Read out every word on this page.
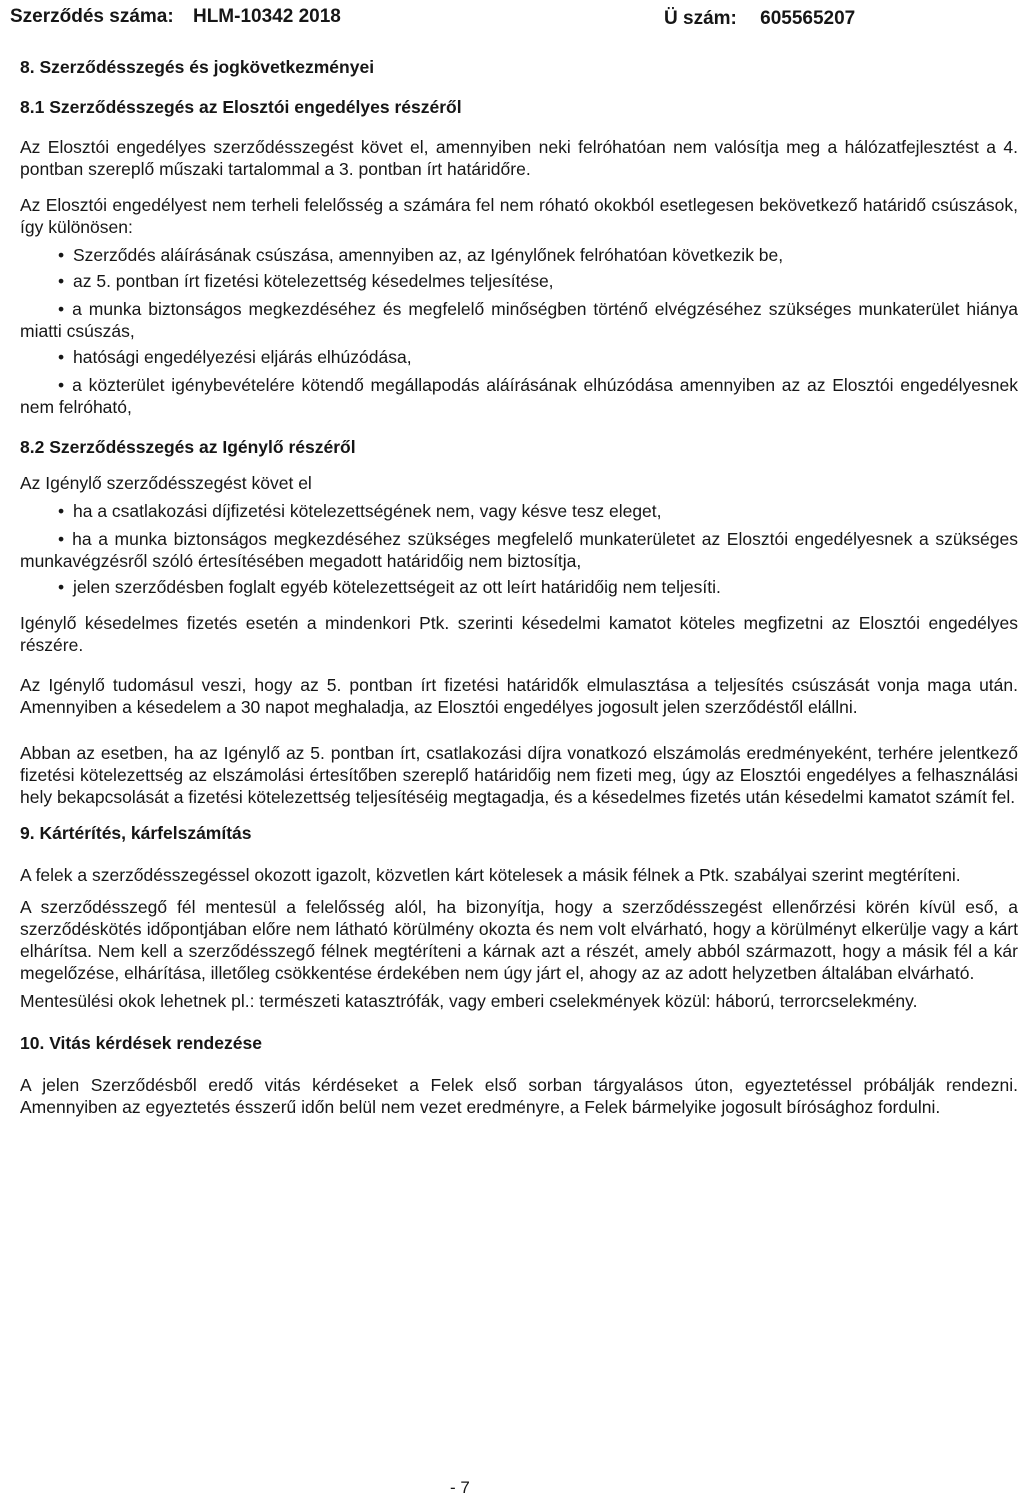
Szerződés száma: HLM-10342 2018	Ü szám: 605565207
8. Szerződésszegés és jogkövetkezményei
8.1 Szerződésszegés az Elosztói engedélyes részéről

Az Elosztói engedélyes szerződésszegést követ el, amennyiben neki felróhatóan nem valósítja meg a hálózatfejlesztést a 4. pontban szereplő műszaki tartalommal a 3. pontban írt határidőre.

Az Elosztói engedélyest nem terheli felelősség a számára fel nem róható okokból esetlegesen bekövetkező határidő csúszások, így különösen:

• Szerződés aláírásának csúszása, amennyiben az, az Igénylőnek felróhatóan következik be,
• az 5. pontban írt fizetési kötelezettség késedelmes teljesítése,
• a munka biztonságos megkezdéséhez és megfelelő minőségben történő elvégzéséhez szükséges munkaterület hiánya miatti csúszás,
• hatósági engedélyezési eljárás elhúzódása,
• a közterület igénybevételére kötendő megállapodás aláírásának elhúzódása amennyiben az az Elosztói engedélyesnek nem felróható,
8.2 Szerződésszegés az Igénylő részéről

Az Igénylő szerződésszegést követ el

• ha a csatlakozási díjfizetési kötelezettségének nem, vagy késve tesz eleget,
• ha a munka biztonságos megkezdéséhez szükséges megfelelő munkaterületet az Elosztói engedélyesnek a szükséges munkavégzésről szóló értesítésében megadott határidőig nem biztosítja,
• jelen szerződésben foglalt egyéb kötelezettségeit az ott leírt határidőig nem teljesíti.

Igénylő késedelmes fizetés esetén a mindenkori Ptk. szerinti késedelmi kamatot köteles megfizetni az Elosztói engedélyes részére.

Az Igénylő tudomásul veszi, hogy az 5. pontban írt fizetési határidők elmulasztása a teljesítés csúszását vonja maga után. Amennyiben a késedelem a 30 napot meghaladja, az Elosztói engedélyes jogosult jelen szerződéstől elállni.

Abban az esetben, ha az Igénylő az 5. pontban írt, csatlakozási díjra vonatkozó elszámolás eredményeként, terhére jelentkező fizetési kötelezettség az elszámolási értesítőben szereplő határidőig nem fizeti meg, úgy az Elosztói engedélyes a felhasználási hely bekapcsolását a fizetési kötelezettség teljesítéséig megtagadja, és a késedelmes fizetés után késedelmi kamatot számít fel.

9. Kártérítés, kárfelszámítás

A felek a szerződésszegéssel okozott igazolt, közvetlen kárt kötelesek a másik félnek a Ptk. szabályai szerint megtéríteni.

A szerződésszegő fél mentesül a felelősség alól, ha bizonyítja, hogy a szerződésszegést ellenőrzési körén kívül eső, a szerződéskötés időpontjában előre nem látható körülmény okozta és nem volt elvárható, hogy a körülményt elkerülje vagy a kárt elhárítsa. Nem kell a szerződésszegő félnek megtéríteni a kárnak azt a részét, amely abból származott, hogy a másik fél a kár megelőzése, elhárítása, illetőleg csökkentése érdekében nem úgy járt el, ahogy az az adott helyzetben általában elvárható.

Mentesülési okok lehetnek pl.: természeti katasztrófák, vagy emberi cselekmények közül: háború, terrorcselekmény.

10. Vitás kérdések rendezése

A jelen Szerződésből eredő vitás kérdéseket a Felek első sorban tárgyalásos úton, egyeztetéssel próbálják rendezni. Amennyiben az egyeztetés ésszerű időn belül nem vezet eredményre, a Felek bármelyike jogosult bírósághoz fordulni.

- 7
